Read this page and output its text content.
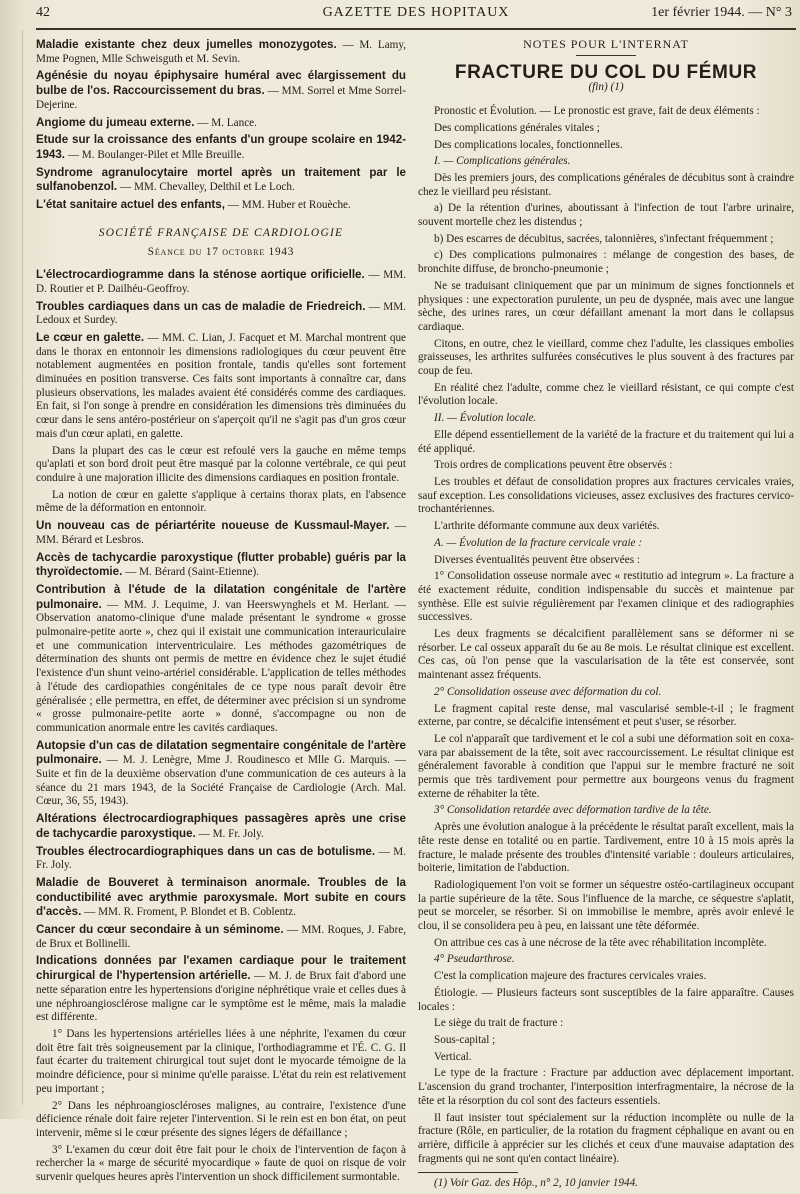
42	GAZETTE DES HOPITAUX	1er février 1944. — N° 3

Maladie existante chez deux jumelles monozygotes. — M. Lamy, Mme Pognen, Mlle Schweisguth et M. Sevin.

Agénésie du noyau épiphysaire huméral avec élargissement du bulbe de l'os. Raccourcissement du bras. — MM. Sorrel et Mme Sorrel-Dejerine.

Angiome du jumeau externe. — M. Lance.

Etude sur la croissance des enfants d'un groupe scolaire en 1942-1943. — M. Boulanger-Pilet et Mlle Breuille.

Syndrome agranulocytaire mortel après un traitement par le sulfanobenzol. — MM. Chevalley, Delthil et Le Loch.

L'état sanitaire actuel des enfants, — MM. Huber et Rouèche.

SOCIÉTÉ FRANÇAISE DE CARDIOLOGIE

Séance du 17 octobre 1943

L'électrocardiogramme dans la sténose aortique orificielle. — MM. D. Routier et P. Dailhéu-Geoffroy.

Troubles cardiaques dans un cas de maladie de Friedreich. — MM. Ledoux et Surdey.

Le cœur en galette. — MM. C. Lian, J. Facquet et M. Marchal montrent que dans le thorax en entonnoir les dimensions radiologiques du cœur peuvent être notablement augmentées en position frontale, tandis qu'elles sont fortement diminuées en position transverse. Ces faits sont importants à connaître car, dans plusieurs observations, les malades avaient été considérés comme des cardiaques. En fait, si l'on songe à prendre en considération les dimensions très diminuées du cœur dans le sens antéro-postérieur on s'aperçoit qu'il ne s'agit pas d'un gros cœur mais d'un cœur aplati, en galette.

Dans la plupart des cas le cœur est refoulé vers la gauche en même temps qu'aplati et son bord droit peut être masqué par la colonne vertébrale, ce qui peut conduire à une majoration illicite des dimensions cardiaques en position frontale.

La notion de cœur en galette s'applique à certains thorax plats, en l'absence même de la déformation en entonnoir.

Un nouveau cas de périartérite noueuse de Kussmaul-Mayer. — MM. Bérard et Lesbros.

Accès de tachycardie paroxystique (flutter probable) guéris par la thyroïdectomie. — M. Bérard (Saint-Etienne).

Contribution à l'étude de la dilatation congénitale de l'artère pulmonaire. — MM. J. Lequime, J. van Heerswynghels et M. Herlant. — Observation anatomo-clinique d'une malade présentant le syndrome « grosse pulmonaire-petite aorte », chez qui il existait une communication interauriculaire et une communication interventriculaire. Les méthodes gazométriques de détermination des shunts ont permis de mettre en évidence chez le sujet étudié l'existence d'un shunt veino-artériel considérable. L'application de telles méthodes à l'étude des cardiopathies congénitales de ce type nous paraît devoir être généralisée ; elle permettra, en effet, de déterminer avec précision si un syndrome « grosse pulmonaire-petite aorte » donné, s'accompagne ou non de communication anormale entre les cavités cardiaques.

Autopsie d'un cas de dilatation segmentaire congénitale de l'artère pulmonaire. — M. J. Lenègre, Mme J. Roudinesco et Mlle G. Marquis. — Suite et fin de la deuxième observation d'une communication de ces auteurs à la séance du 21 mars 1943, de la Société Française de Cardiologie (Arch. Mal. Cœur, 36, 55, 1943).

Altérations électrocardiographiques passagères après une crise de tachycardie paroxystique. — M. Fr. Joly.

Troubles électrocardiographiques dans un cas de botulisme. — M. Fr. Joly.

Maladie de Bouveret à terminaison anormale. Troubles de la conductibilité avec arythmie paroxysmale. Mort subite en cours d'accès. — MM. R. Froment, P. Blondet et B. Coblentz.

Cancer du cœur secondaire à un séminome. — MM. Roques, J. Fabre, de Brux et Bollinelli.

Indications données par l'examen cardiaque pour le traitement chirurgical de l'hypertension artérielle. — M. J. de Brux fait d'abord une nette séparation entre les hypertensions d'origine néphrétique vraie et celles dues à une néphroangiosclérose maligne car le symptôme est le même, mais la maladie est différente.

1° Dans les hypertensions artérielles liées à une néphrite, l'examen du cœur doit être fait très soigneusement par la clinique, l'orthodiagramme et l'É. C. G. Il faut écarter du traitement chirurgical tout sujet dont le myocarde témoigne de la moindre déficience, pour si minime qu'elle paraisse. L'état du rein est relativement peu important ;

2° Dans les néphroangioscléroses malignes, au contraire, l'existence d'une déficience rénale doit faire rejeter l'intervention. Si le rein est en bon état, on peut intervenir, même si le cœur présente des signes légers de défaillance ;

3° L'examen du cœur doit être fait pour le choix de l'intervention de façon à rechercher la « marge de sécurité myocardique » faute de quoi on risque de voir survenir quelques heures après l'intervention un shock difficilement surmontable.

NOTES POUR L'INTERNAT

FRACTURE DU COL DU FÉMUR

(fin) (1)

Pronostic et Évolution. — Le pronostic est grave, fait de deux éléments :

Des complications générales vitales ;

Des complications locales, fonctionnelles.

I. — Complications générales.

Dès les premiers jours, des complications générales de décubitus sont à craindre chez le vieillard peu résistant.

a) De la rétention d'urines, aboutissant à l'infection de tout l'arbre urinaire, souvent mortelle chez les distendus ;

b) Des escarres de décubitus, sacrées, talonnières, s'infectant fréquemment ;

c) Des complications pulmonaires : mélange de congestion des bases, de bronchite diffuse, de broncho-pneumonie ;

Ne se traduisant cliniquement que par un minimum de signes fonctionnels et physiques : une expectoration purulente, un peu de dyspnée, mais avec une langue sèche, des urines rares, un cœur défaillant amenant la mort dans le collapsus cardiaque.

Citons, en outre, chez le vieillard, comme chez l'adulte, les classiques embolies graisseuses, les arthrites sulfurées consécutives le plus souvent à des fractures par coup de feu.

En réalité chez l'adulte, comme chez le vieillard résistant, ce qui compte c'est l'évolution locale.

II. — Évolution locale.

Elle dépend essentiellement de la variété de la fracture et du traitement qui lui a été appliqué.

Trois ordres de complications peuvent être observés :

Les troubles et défaut de consolidation propres aux fractures cervicales vraies, sauf exception. Les consolidations vicieuses, assez exclusives des fractures cervico-trochantériennes.

L'arthrite déformante commune aux deux variétés.

A. — Évolution de la fracture cervicale vraie :

Diverses éventualités peuvent être observées :

1° Consolidation osseuse normale avec « restitutio ad integrum ». La fracture a été exactement réduite, condition indispensable du succès et maintenue par synthèse. Elle est suivie régulièrement par l'examen clinique et des radiographies successives.

Les deux fragments se décalcifient parallèlement sans se déformer ni se résorber. Le cal osseux apparaît du 6e au 8e mois. Le résultat clinique est excellent. Ces cas, où l'on pense que la vascularisation de la tête est conservée, sont maintenant assez fréquents.

2° Consolidation osseuse avec déformation du col.

Le fragment capital reste dense, mal vascularisé semble-t-il ; le fragment externe, par contre, se décalcifie intensément et peut s'user, se résorber.

Le col n'apparaît que tardivement et le col a subi une déformation soit en coxa-vara par abaissement de la tête, soit avec raccourcissement. Le résultat clinique est généralement favorable à condition que l'appui sur le membre fracturé ne soit permis que très tardivement pour permettre aux bourgeons venus du fragment externe de réhabiter la tête.

3° Consolidation retardée avec déformation tardive de la tête.

Après une évolution analogue à la précédente le résultat paraît excellent, mais la tête reste dense en totalité ou en partie. Tardivement, entre 10 à 15 mois après la fracture, le malade présente des troubles d'intensité variable : douleurs articulaires, boiterie, limitation de l'abduction.

Radiologiquement l'on voit se former un séquestre ostéo-cartilagineux occupant la partie supérieure de la tête. Sous l'influence de la marche, ce séquestre s'aplatit, peut se morceler, se résorber. Si on immobilise le membre, après avoir enlevé le clou, il se consolidera peu à peu, en laissant une tête déformée.

On attribue ces cas à une nécrose de la tête avec réhabilitation incomplète.

4° Pseudarthrose.

C'est la complication majeure des fractures cervicales vraies.

Étiologie. — Plusieurs facteurs sont susceptibles de la faire apparaître. Causes locales :

Le siège du trait de fracture :

Sous-capital ;

Vertical.

Le type de la fracture : Fracture par adduction avec déplacement important. L'ascension du grand trochanter, l'interposition interfragmentaire, la nécrose de la tête et la résorption du col sont des facteurs essentiels.

Il faut insister tout spécialement sur la réduction incomplète ou nulle de la fracture (Rôle, en particulier, de la rotation du fragment céphalique en avant ou en arrière, difficile à apprécier sur les clichés et ceux d'une mauvaise adaptation des fragments qui ne sont qu'en contact linéaire).

(1) Voir Gaz. des Hôp., n° 2, 10 janvier 1944.
